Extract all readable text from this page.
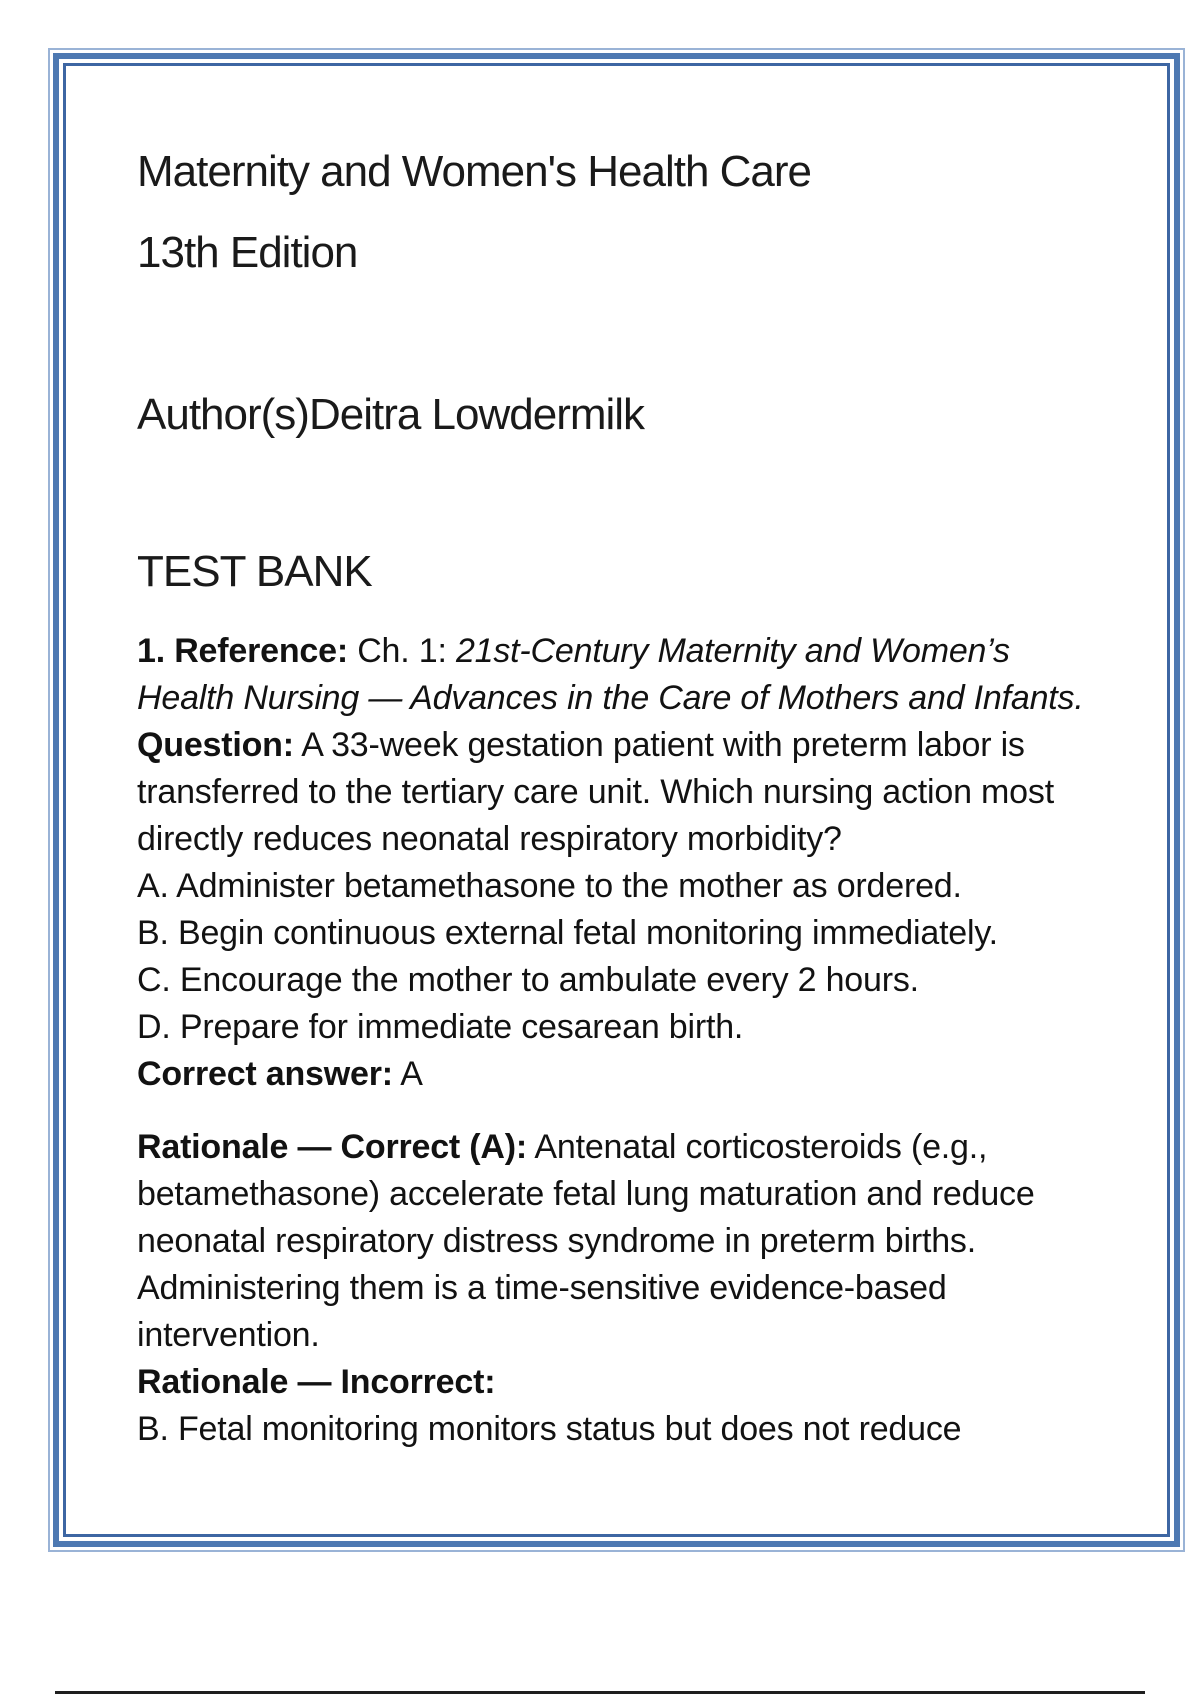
Maternity and Women's Health Care
13th Edition
Author(s)Deitra Lowdermilk
TEST BANK
1. Reference: Ch. 1: 21st-Century Maternity and Women’s
Health Nursing — Advances in the Care of Mothers and Infants.
Question: A 33-week gestation patient with preterm labor is
transferred to the tertiary care unit. Which nursing action most
directly reduces neonatal respiratory morbidity?
A. Administer betamethasone to the mother as ordered.
B. Begin continuous external fetal monitoring immediately.
C. Encourage the mother to ambulate every 2 hours.
D. Prepare for immediate cesarean birth.
Correct answer: A
Rationale — Correct (A): Antenatal corticosteroids (e.g.,
betamethasone) accelerate fetal lung maturation and reduce
neonatal respiratory distress syndrome in preterm births.
Administering them is a time-sensitive evidence-based
intervention.
Rationale — Incorrect:
B. Fetal monitoring monitors status but does not reduce
